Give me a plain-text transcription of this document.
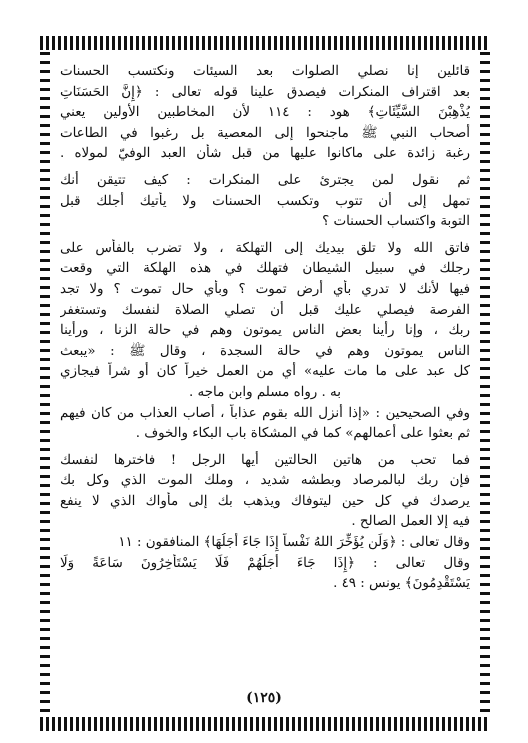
قائلين إنا نصلي الصلوات بعد السيئات ونكتسب الحسنات
بعد اقتراف المنكرات فيصدق علينا قوله تعالى : ﴿إِنَّ الحَسَنَاتِ
يُذْهِبْنَ السَّيِّئَاتِ﴾ هود : ١١٤ لأن المخاطبين الأولين يعني
أصحاب النبي ﷺ ماجنحوا إلى المعصية بل رغبوا في الطاعات
رغبة زائدة على ماكانوا عليها من قبل شأن العبد الوفيّ لمولاه .
ثم نقول لمن يجترئ على المنكرات : كيف تتيقن أنك
تمهل إلى أن تتوب وتكسب الحسنات ولا يأتيك أجلك قبل
التوبة واكتساب الحسنات ؟
فاتق الله ولا تلق بيديك إلى التهلكة ، ولا تضرب بالفأس على
رجلك في سبيل الشيطان فتهلك في هذه الهلكة التي وقعت
فيها لأنك لا تدري بأي أرض تموت ؟ وبأي حال تموت ؟ ولا تجد
الفرصة فيصلي عليك قبل أن تصلي الصلاة لنفسك وتستغفر
ربك ، وإنا رأينا بعض الناس يموتون وهم في حالة الزنا ، ورأينا
الناس يموتون وهم في حالة السجدة ، وقال ﷺ : «يبعث
كل عبد على ما مات عليه» أي من العمل خيراً كان أو شراً فيجازي
به . رواه مسلم وابن ماجه .
وفي الصحيحين : «إذا أنزل الله بقوم عذاباً ، أصاب العذاب من كان فيهم
ثم بعثوا على أعمالهم» كما في المشكاة باب البكاء والخوف .
فما تحب من هاتين الحالتين أيها الرجل ! فاخترها لنفسك
فإن ربك لبالمرصاد وبطشه شديد ، وملك الموت الذي وكل بك
يرصدك في كل حين ليتوفاك ويذهب بك إلى مأواك الذي لا ينفع
فيه إلا العمل الصالح .
وقال تعالى : ﴿وَلَن يُؤَخِّرَ اللهُ نَفْساً إِذَا جَاءَ أَجَلُهَا﴾ المنافقون : ١١
وقال تعالى : ﴿إِذَا جَاءَ أَجَلُهُمْ فَلَا يَسْتَأْخِرُونَ سَاعَةً وَلَا
يَسْتَقْدِمُونَ﴾ يونس : ٤٩ .
(١٢٥)
